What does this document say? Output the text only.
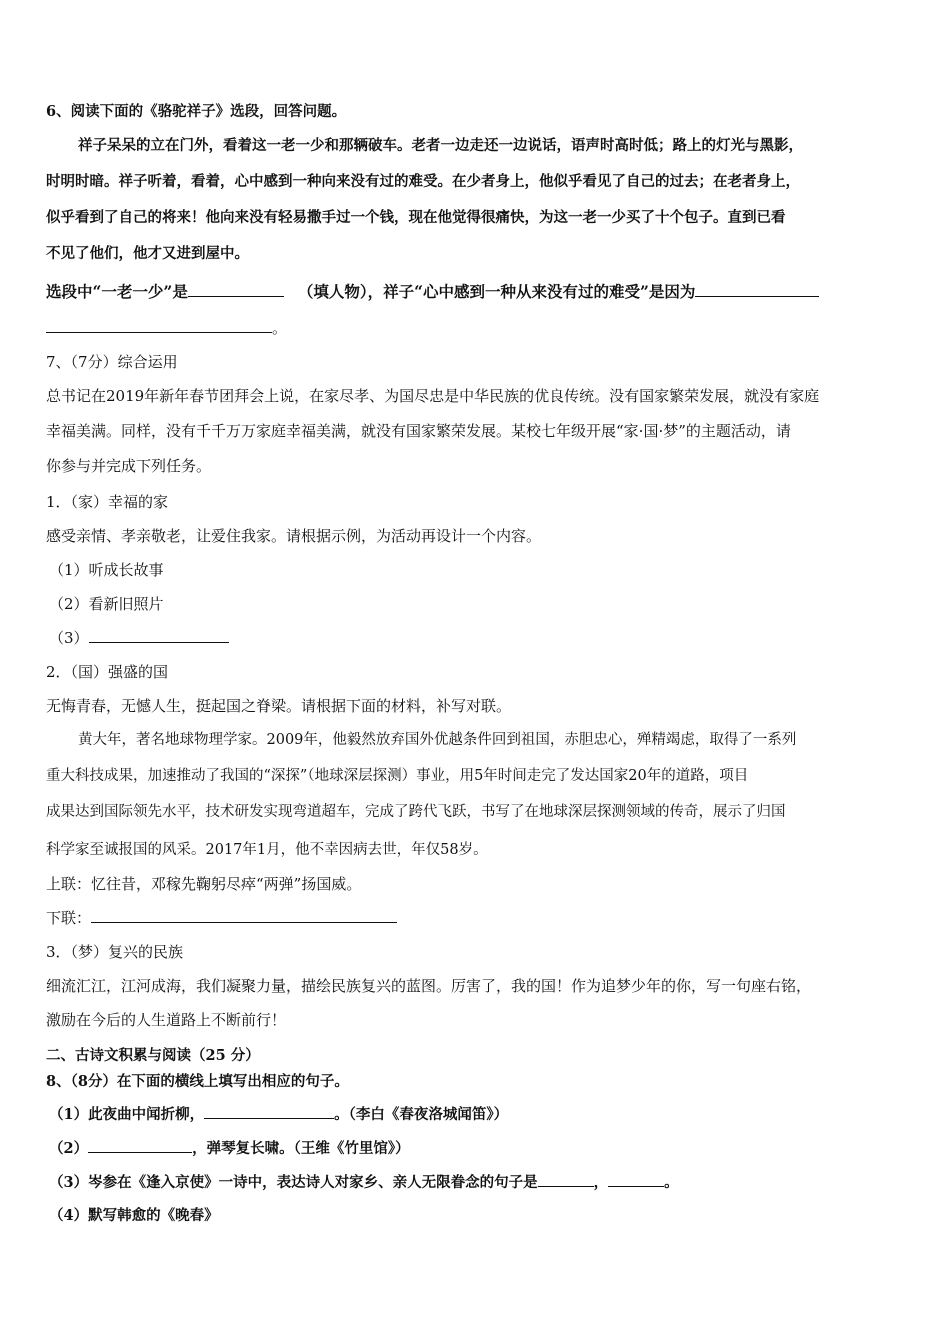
6、阅读下面的《骆驼祥子》选段，回答问题。
祥子呆呆的立在门外，看着这一老一少和那辆破车。老者一边走还一边说话，语声时高时低；路上的灯光与黑影，
时明时暗。祥子听着，看着，心中感到一种向来没有过的难受。在少者身上，他似乎看见了自己的过去；在老者身上，
似乎看到了自己的将来！他向来没有轻易撒手过一个钱，现在他觉得很痛快，为这一老一少买了十个包子。直到已看
不见了他们，他才又进到屋中。
选段中“一老一少”是	（填人物），祥子“心中感到一种从来没有过的难受”是因为
。
7、（7分）综合运用
总书记在2019年新年春节团拜会上说，在家尽孝、为国尽忠是中华民族的优良传统。没有国家繁荣发展，就没有家庭
幸福美满。同样，没有千千万万家庭幸福美满，就没有国家繁荣发展。某校七年级开展“家·国·梦”的主题活动，请
你参与并完成下列任务。
1．（家）幸福的家
感受亲情、孝亲敬老，让爱住我家。请根据示例，为活动再设计一个内容。
（1）听成长故事
（2）看新旧照片
（3）
2．（国）强盛的国
无悔青春，无憾人生，挺起国之脊梁。请根据下面的材料，补写对联。
黄大年，著名地球物理学家。2009年，他毅然放弃国外优越条件回到祖国，赤胆忠心，殚精竭虑，取得了一系列
重大科技成果，加速推动了我国的“深探”（地球深层探测）事业，用5年时间走完了发达国家20年的道路，项目
成果达到国际领先水平，技术研发实现弯道超车，完成了跨代飞跃，书写了在地球深层探测领域的传奇，展示了归国
科学家至诚报国的风采。2017年1月，他不幸因病去世，年仅58岁。
上联：忆往昔，邓稼先鞠躬尽瘁“两弹”扬国威。
下联：
3．（梦）复兴的民族
细流汇江，江河成海，我们凝聚力量，描绘民族复兴的蓝图。厉害了，我的国！作为追梦少年的你，写一句座右铭，
激励在今后的人生道路上不断前行！
二、古诗文积累与阅读（25 分）
8、（8分）在下面的横线上填写出相应的句子。
（1）此夜曲中闻折柳，	。（李白《春夜洛城闻笛》）
（2）	，弹琴复长啸。（王维《竹里馆》）
（3）岑参在《逢入京使》一诗中，表达诗人对家乡、亲人无限眷念的句子是	，	。
（4）默写韩愈的《晚春》
